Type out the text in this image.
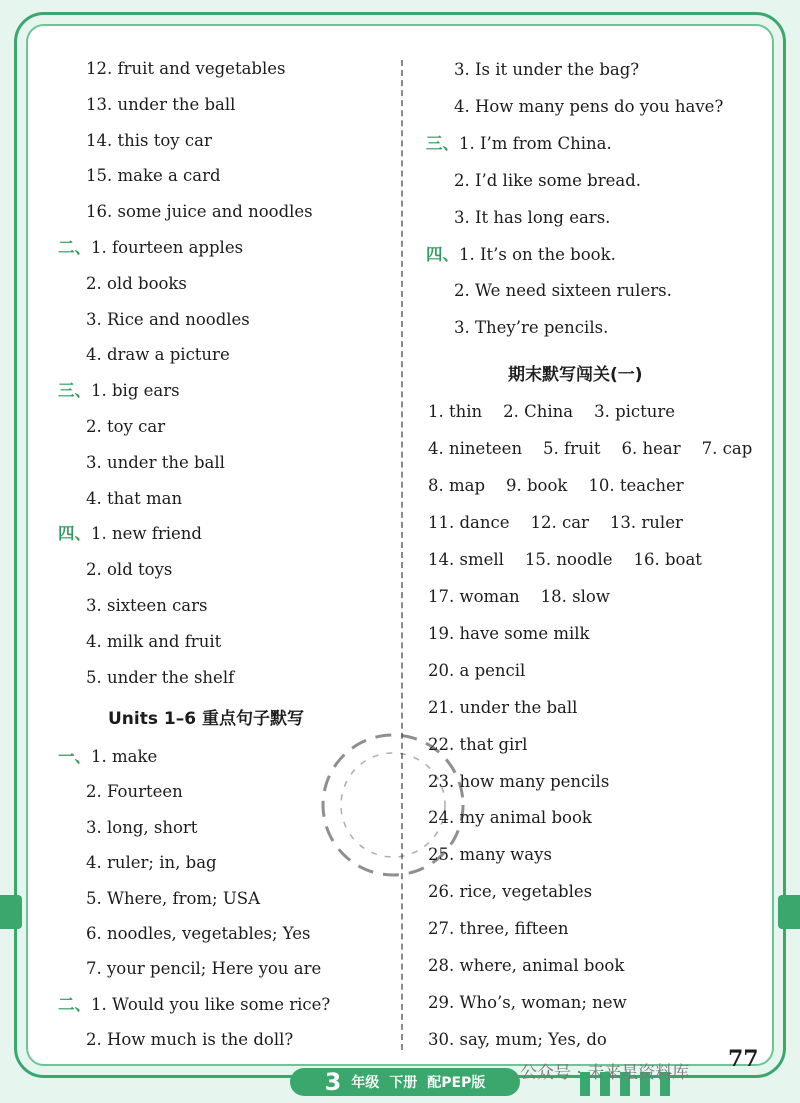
12. fruit and vegetables
13. under the ball
14. this toy car
15. make a card
16. some juice and noodles
二、1. fourteen apples
2. old books
3. Rice and noodles
4. draw a picture
三、1. big ears
2. toy car
3. under the ball
4. that man
四、1. new friend
2. old toys
3. sixteen cars
4. milk and fruit
5. under the shelf
Units 1–6 重点句子默写
一、1. make
2. Fourteen
3. long, short
4. ruler; in, bag
5. Where, from; USA
6. noodles, vegetables; Yes
7. your pencil; Here you are
二、1. Would you like some rice?
2. How much is the doll?
3. Is it under the bag?
4. How many pens do you have?
三、1. I’m from China.
2. I’d like some bread.
3. It has long ears.
四、1. It’s on the book.
2. We need sixteen rulers.
3. They’re pencils.
期末默写闯关(一)
1. thin    2. China    3. picture
4. nineteen    5. fruit    6. hear    7. cap
8. map    9. book    10. teacher
11. dance    12. car    13. ruler
14. smell    15. noodle    16. boat
17. woman    18. slow
19. have some milk
20. a pencil
21. under the ball
22. that girl
23. how many pencils
24. my animal book
25. many ways
26. rice, vegetables
27. three, fifteen
28. where, animal book
29. Who’s, woman; new
30. say, mum; Yes, do
3 年级 下册 配PEP版 公众号 · 未来星资料库
77
